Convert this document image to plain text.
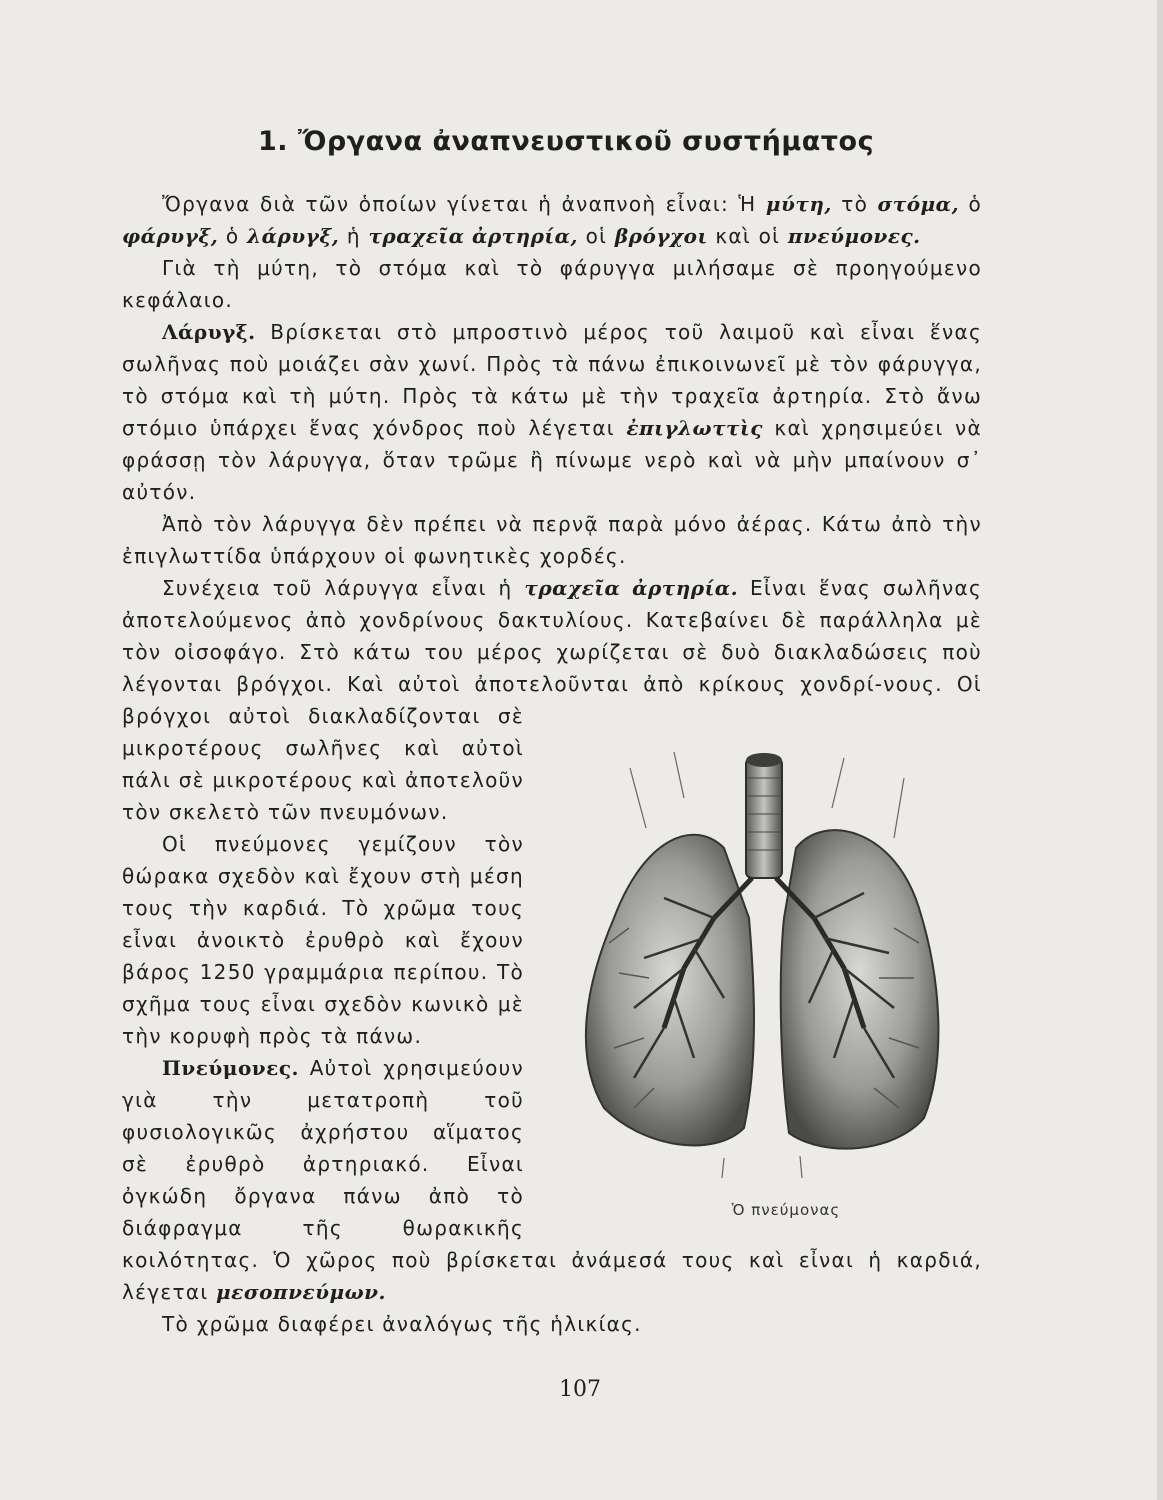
1. Ὄργανα ἀναπνευστικοῦ συστήματος

Ὄργανα διὰ τῶν ὁποίων γίνεται ἡ ἀναπνοὴ εἶναι: Ἡ μύτη, τὸ στόμα, ὁ φάρυγξ, ὁ λάρυγξ, ἡ τραχεῖα ἀρτηρία, οἱ βρόγχοι καὶ οἱ πνεύμονες.

Γιὰ τὴ μύτη, τὸ στόμα καὶ τὸ φάρυγγα μιλήσαμε σὲ προηγούμενο κεφάλαιο.

Λάρυγξ. Βρίσκεται στὸ μπροστινὸ μέρος τοῦ λαιμοῦ καὶ εἶναι ἕνας σωλῆνας ποὺ μοιάζει σὰν χωνί. Πρὸς τὰ πάνω ἐπικοινωνεῖ μὲ τὸν φάρυγγα, τὸ στόμα καὶ τὴ μύτη. Πρὸς τὰ κάτω μὲ τὴν τραχεῖα ἀρτηρία. Στὸ ἄνω στόμιο ὑπάρχει ἕνας χόνδρος ποὺ λέγεται ἐπιγλωττὶς καὶ χρησιμεύει νὰ φράσσῃ τὸν λάρυγγα, ὅταν τρῶμε ἢ πίνωμε νερὸ καὶ νὰ μὴν μπαίνουν σ᾽ αὐτόν.

Ἀπὸ τὸν λάρυγγα δὲν πρέπει νὰ περνᾷ παρὰ μόνο ἀέρας. Κάτω ἀπὸ τὴν ἐπιγλωττίδα ὑπάρχουν οἱ φωνητικὲς χορδές.

Συνέχεια τοῦ λάρυγγα εἶναι ἡ τραχεῖα ἀρτηρία. Εἶναι ἕνας σωλῆνας ἀποτελούμενος ἀπὸ χονδρίνους δακτυλίους. Κατεβαίνει δὲ παράλληλα μὲ τὸν οἰσοφάγο. Στὸ κάτω του μέρος χωρίζεται σὲ δυὸ διακλαδώσεις ποὺ λέγονται βρόγχοι. Καὶ αὐτοὶ ἀποτελοῦνται ἀπὸ κρίκους χονδρί-
Ὁ πνεύμονας
νους. Οἱ βρόγχοι αὐτοὶ διακλαδίζονται σὲ μικροτέρους σωλῆνες καὶ αὐτοὶ πάλι σὲ μικροτέρους καὶ ἀποτελοῦν τὸν σκελετὸ τῶν πνευμόνων.

Οἱ πνεύμονες γεμίζουν τὸν θώρακα σχεδὸν καὶ ἔχουν στὴ μέση τους τὴν καρδιά. Τὸ χρῶμα τους εἶναι ἀνοικτὸ ἐρυθρὸ καὶ ἔχουν βάρος 1250 γραμμάρια περίπου. Τὸ σχῆμα τους εἶναι σχεδὸν κωνικὸ μὲ τὴν κορυφὴ πρὸς τὰ πάνω.

Πνεύμονες. Αὐτοὶ χρησιμεύουν γιὰ τὴν μετατροπὴ τοῦ φυσιολογικῶς ἀχρήστου αἵματος σὲ ἐρυθρὸ ἀρτηριακό. Εἶναι ὀγκώδη ὄργανα πάνω ἀπὸ τὸ διάφραγμα τῆς θωρακικῆς κοιλότητας. Ὁ χῶρος ποὺ βρίσκεται ἀνάμεσά τους καὶ εἶναι ἡ καρδιά, λέγεται μεσοπνεύμων.

Τὸ χρῶμα διαφέρει ἀναλόγως τῆς ἡλικίας.

107
